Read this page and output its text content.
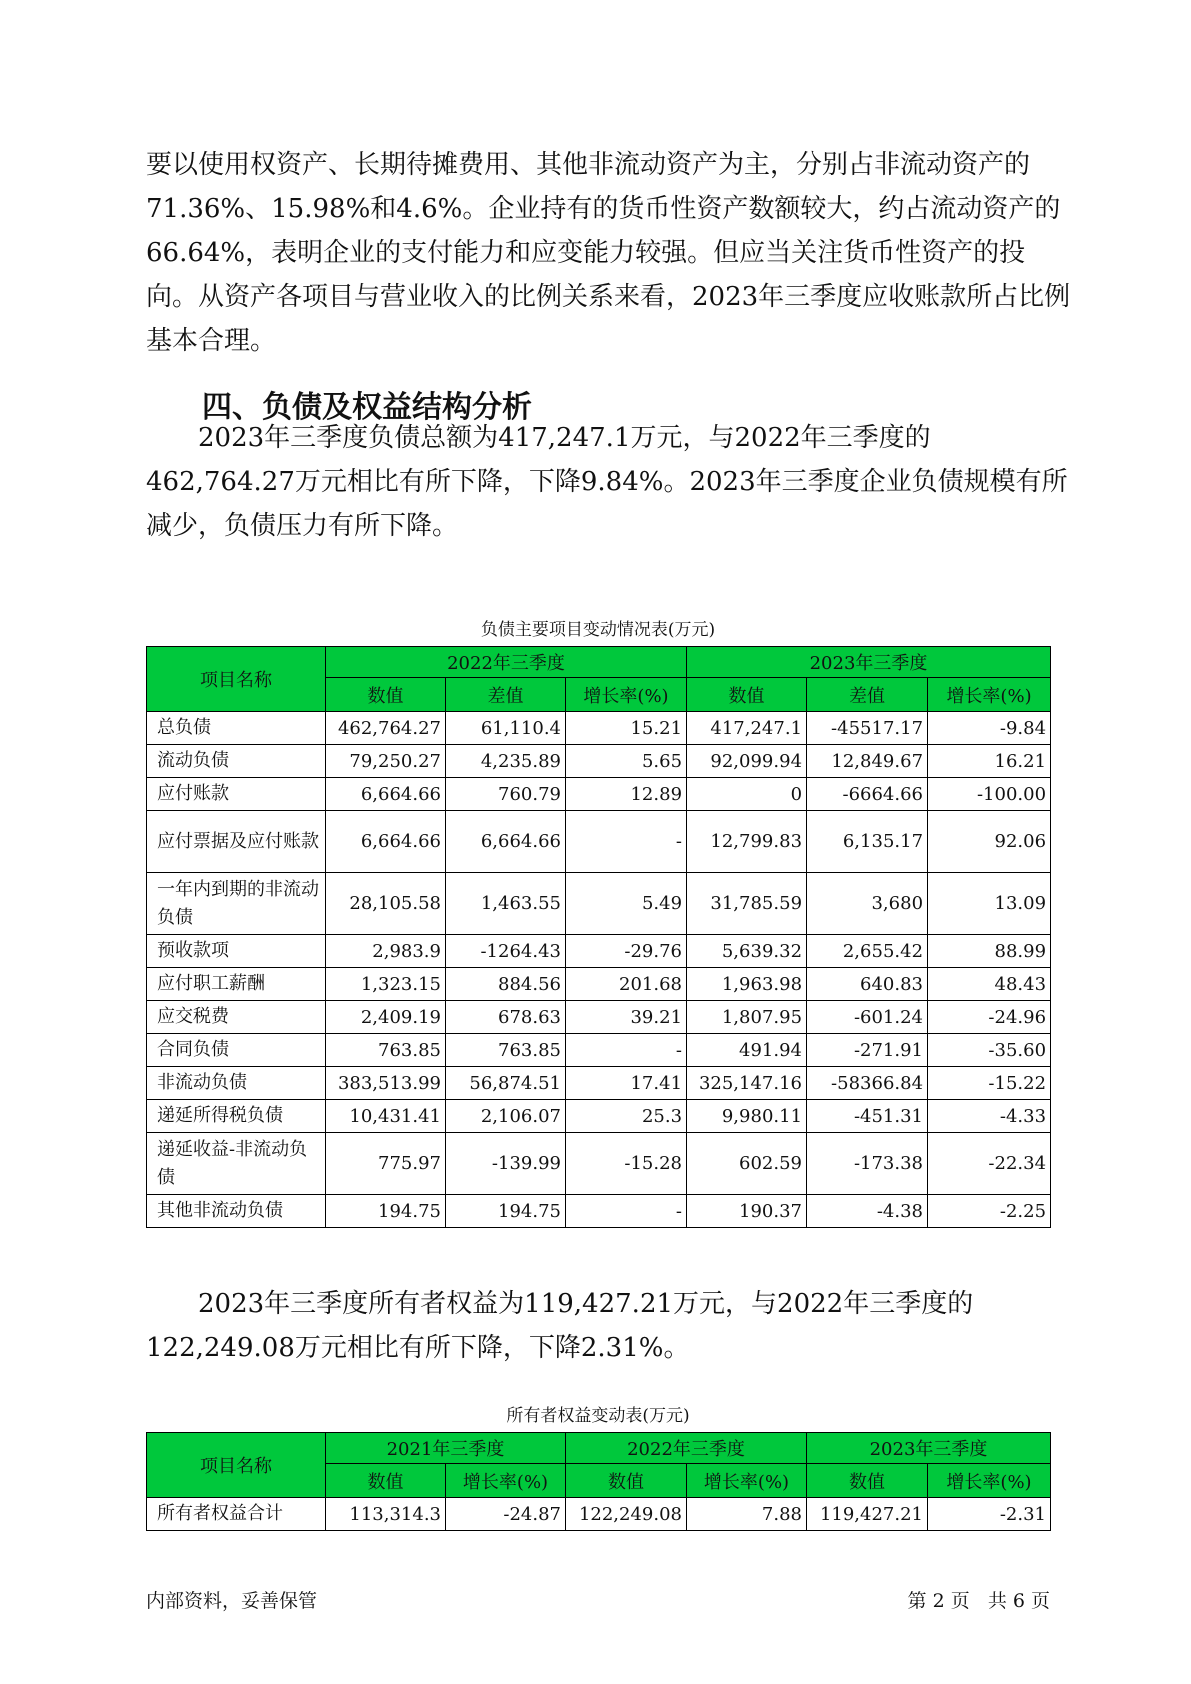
要以使用权资产、长期待摊费用、其他非流动资产为主，分别占非流动资产的71.36%、15.98%和4.6%。企业持有的货币性资产数额较大，约占流动资产的66.64%，表明企业的支付能力和应变能力较强。但应当关注货币性资产的投向。从资产各项目与营业收入的比例关系来看，2023年三季度应收账款所占比例基本合理。

四、负债及权益结构分析

2023年三季度负债总额为417,247.1万元，与2022年三季度的462,764.27万元相比有所下降，下降9.84%。2023年三季度企业负债规模有所减少，负债压力有所下降。

负债主要项目变动情况表(万元)
项目名称	2022年三季度			2023年三季度		
	数值	差值	增长率(%)	数值	差值	增长率(%)
总负债	462,764.27	61,110.4	15.21	417,247.1	-45517.17	-9.84
流动负债	79,250.27	4,235.89	5.65	92,099.94	12,849.67	16.21
应付账款	6,664.66	760.79	12.89	0	-6664.66	-100.00
应付票据及应付账款	6,664.66	6,664.66	-	12,799.83	6,135.17	92.06
一年内到期的非流动负债	28,105.58	1,463.55	5.49	31,785.59	3,680	13.09
预收款项	2,983.9	-1264.43	-29.76	5,639.32	2,655.42	88.99
应付职工薪酬	1,323.15	884.56	201.68	1,963.98	640.83	48.43
应交税费	2,409.19	678.63	39.21	1,807.95	-601.24	-24.96
合同负债	763.85	763.85	-	491.94	-271.91	-35.60
非流动负债	383,513.99	56,874.51	17.41	325,147.16	-58366.84	-15.22
递延所得税负债	10,431.41	2,106.07	25.3	9,980.11	-451.31	-4.33
递延收益-非流动负债	775.97	-139.99	-15.28	602.59	-173.38	-22.34
其他非流动负债	194.75	194.75	-	190.37	-4.38	-2.25

2023年三季度所有者权益为119,427.21万元，与2022年三季度的122,249.08万元相比有所下降，下降2.31%。

所有者权益变动表(万元)
项目名称	2021年三季度		2022年三季度		2023年三季度	
	数值	增长率(%)	数值	增长率(%)	数值	增长率(%)
所有者权益合计	113,314.3	-24.87	122,249.08	7.88	119,427.21	-2.31
内部资料，妥善保管	第 2 页   共 6 页
